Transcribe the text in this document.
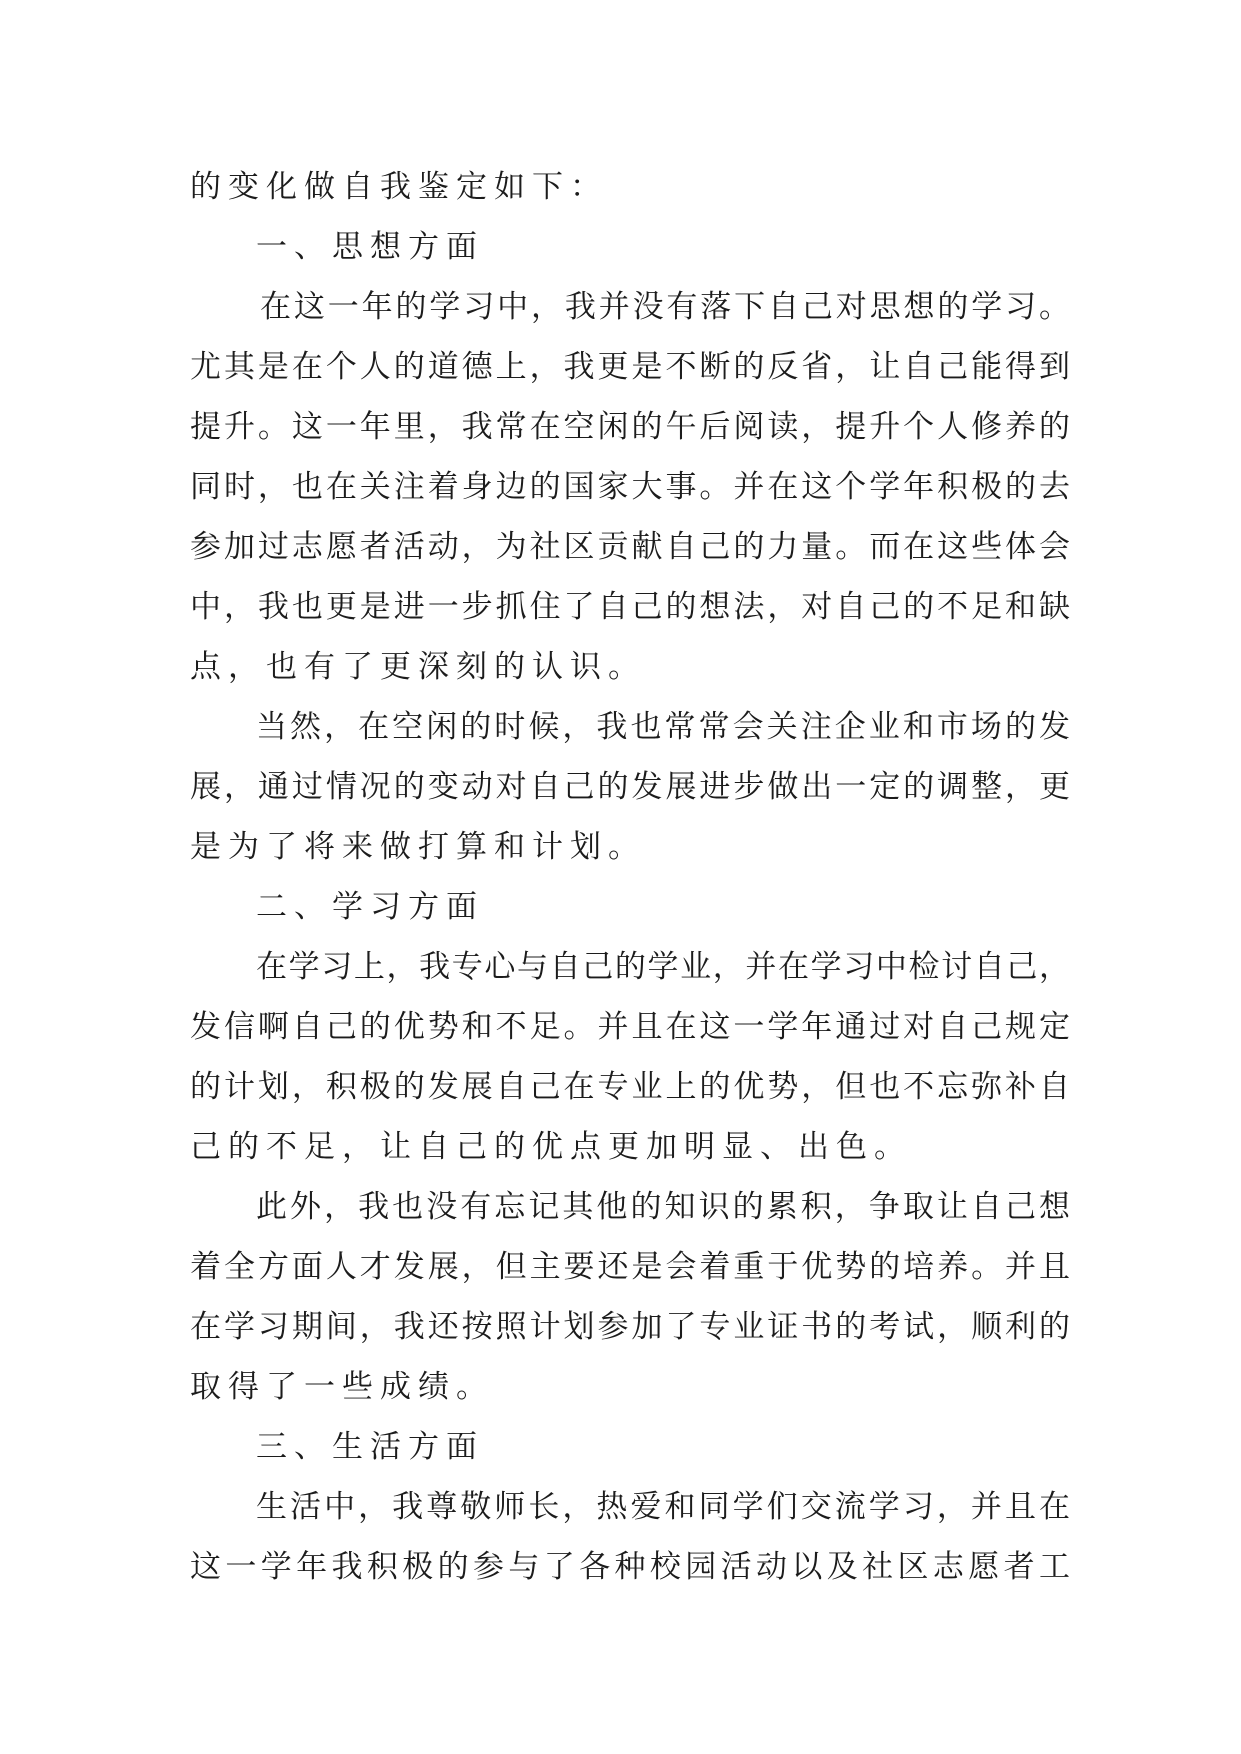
的变化做自我鉴定如下：
一、思想方面
在这一年的学习中，我并没有落下自己对思想的学习。
尤其是在个人的道德上，我更是不断的反省，让自己能得到
提升。这一年里，我常在空闲的午后阅读，提升个人修养的
同时，也在关注着身边的国家大事。并在这个学年积极的去
参加过志愿者活动，为社区贡献自己的力量。而在这些体会
中，我也更是进一步抓住了自己的想法，对自己的不足和缺
点，也有了更深刻的认识。
当然，在空闲的时候，我也常常会关注企业和市场的发
展，通过情况的变动对自己的发展进步做出一定的调整，更
是为了将来做打算和计划。
二、学习方面
在学习上，我专心与自己的学业，并在学习中检讨自己，
发信啊自己的优势和不足。并且在这一学年通过对自己规定
的计划，积极的发展自己在专业上的优势，但也不忘弥补自
己的不足，让自己的优点更加明显、出色。
此外，我也没有忘记其他的知识的累积，争取让自己想
着全方面人才发展，但主要还是会着重于优势的培养。并且
在学习期间，我还按照计划参加了专业证书的考试，顺利的
取得了一些成绩。
三、生活方面
生活中，我尊敬师长，热爱和同学们交流学习，并且在
这一学年我积极的参与了各种校园活动以及社区志愿者工
